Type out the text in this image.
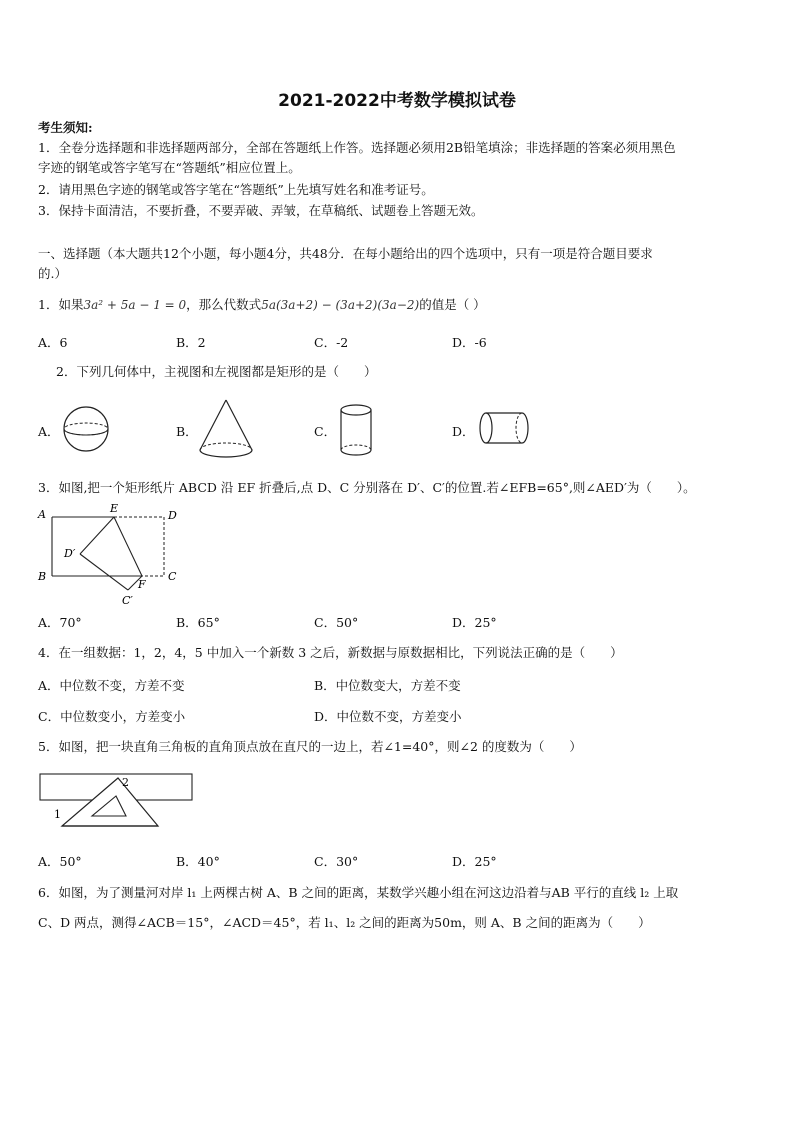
2021-2022中考数学模拟试卷
考生须知:
1．全卷分选择题和非选择题两部分，全部在答题纸上作答。选择题必须用2B铅笔填涂；非选择题的答案必须用黑色
字迹的钢笔或答字笔写在“答题纸”相应位置上。
2．请用黑色字迹的钢笔或答字笔在“答题纸”上先填写姓名和准考证号。
3．保持卡面清洁，不要折叠，不要弄破、弄皱，在草稿纸、试题卷上答题无效。
一、选择题（本大题共12个小题，每小题4分，共48分．在每小题给出的四个选项中，只有一项是符合题目要求
的.）
1．如果3a² + 5a − 1 = 0，那么代数式5a(3a+2) − (3a+2)(3a−2)的值是（ ）
A．6	B．2	C．-2	D．-6
2．下列几何体中，主视图和左视图都是矩形的是（　　）
A．	B．	C．	D．
3．如图,把一个矩形纸片 ABCD 沿 EF 折叠后,点 D、C 分别落在 D′、C′的位置.若∠EFB=65°,则∠AED′为（　　）。
A	E
D
D′
B
F
C
C′
A．70°	B．65°	C．50°	D．25°
4．在一组数据：1，2，4，5 中加入一个新数 3 之后，新数据与原数据相比，下列说法正确的是（　　）
A．中位数不变，方差不变	B．中位数变大，方差不变
C．中位数变小，方差变小	D．中位数不变，方差变小
5．如图，把一块直角三角板的直角顶点放在直尺的一边上，若∠1=40°，则∠2 的度数为（　　）
1
2
A．50°	B．40°	C．30°	D．25°
6．如图，为了测量河对岸 l₁ 上两棵古树 A、B 之间的距离，某数学兴趣小组在河这边沿着与AB 平行的直线 l₂ 上取
C、D 两点，测得∠ACB＝15°，∠ACD＝45°，若 l₁、l₂ 之间的距离为50m，则 A、B 之间的距离为（　　）
